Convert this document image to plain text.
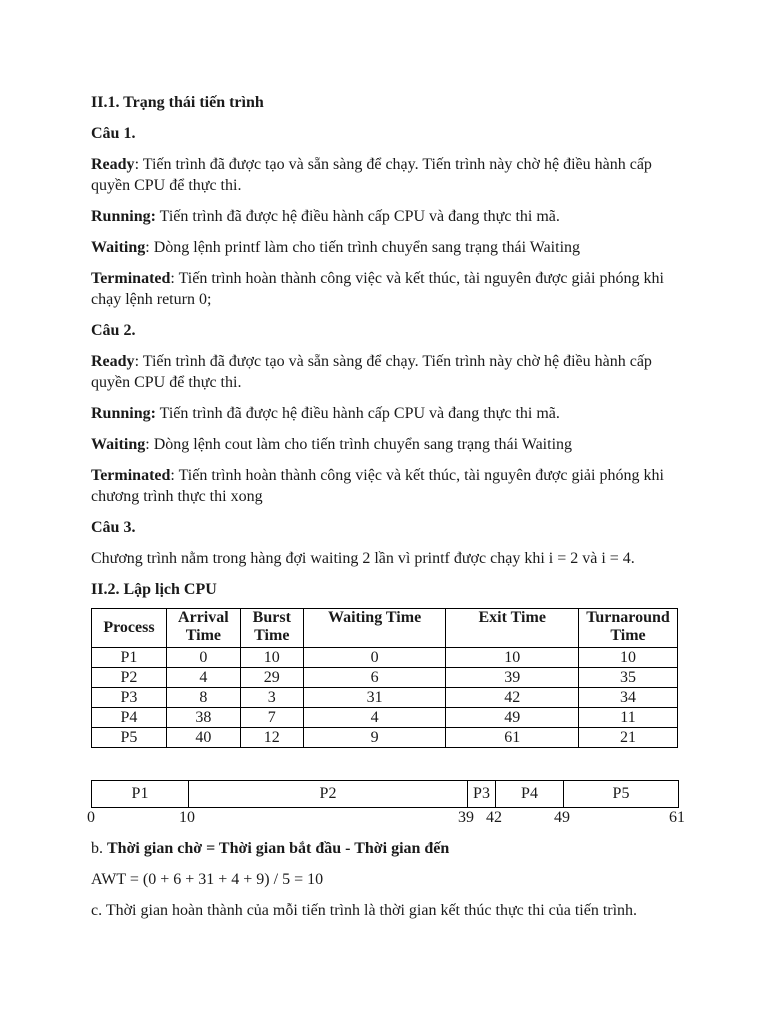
II.1. Trạng thái tiến trình

Câu 1.

Ready: Tiến trình đã được tạo và sẵn sàng để chạy. Tiến trình này chờ hệ điều hành cấp quyền CPU để thực thi.

Running: Tiến trình đã được hệ điều hành cấp CPU và đang thực thi mã.

Waiting: Dòng lệnh printf làm cho tiến trình chuyển sang trạng thái Waiting

Terminated: Tiến trình hoàn thành công việc và kết thúc, tài nguyên được giải phóng khi chạy lệnh return 0;

Câu 2.

Ready: Tiến trình đã được tạo và sẵn sàng để chạy. Tiến trình này chờ hệ điều hành cấp quyền CPU để thực thi.

Running: Tiến trình đã được hệ điều hành cấp CPU và đang thực thi mã.

Waiting: Dòng lệnh cout làm cho tiến trình chuyển sang trạng thái Waiting

Terminated: Tiến trình hoàn thành công việc và kết thúc, tài nguyên được giải phóng khi chương trình thực thi xong

Câu 3.

Chương trình nằm trong hàng đợi waiting 2 lần vì printf được chạy khi i = 2 và i = 4.

II.2. Lập lịch CPU

Process	Arrival Time	Burst Time	Waiting Time	Exit Time	Turnaround Time
P1	0	10	0	10	10
P2	4	29	6	39	35
P3	8	3	31	42	34
P4	38	7	4	49	11
P5	40	12	9	61	21
P1	P2	P3	P4	P5
0	10	39 42	49	61

b. Thời gian chờ = Thời gian bắt đầu - Thời gian đến

AWT = (0 + 6 + 31 + 4 + 9) / 5 = 10

c. Thời gian hoàn thành của mỗi tiến trình là thời gian kết thúc thực thi của tiến trình.
